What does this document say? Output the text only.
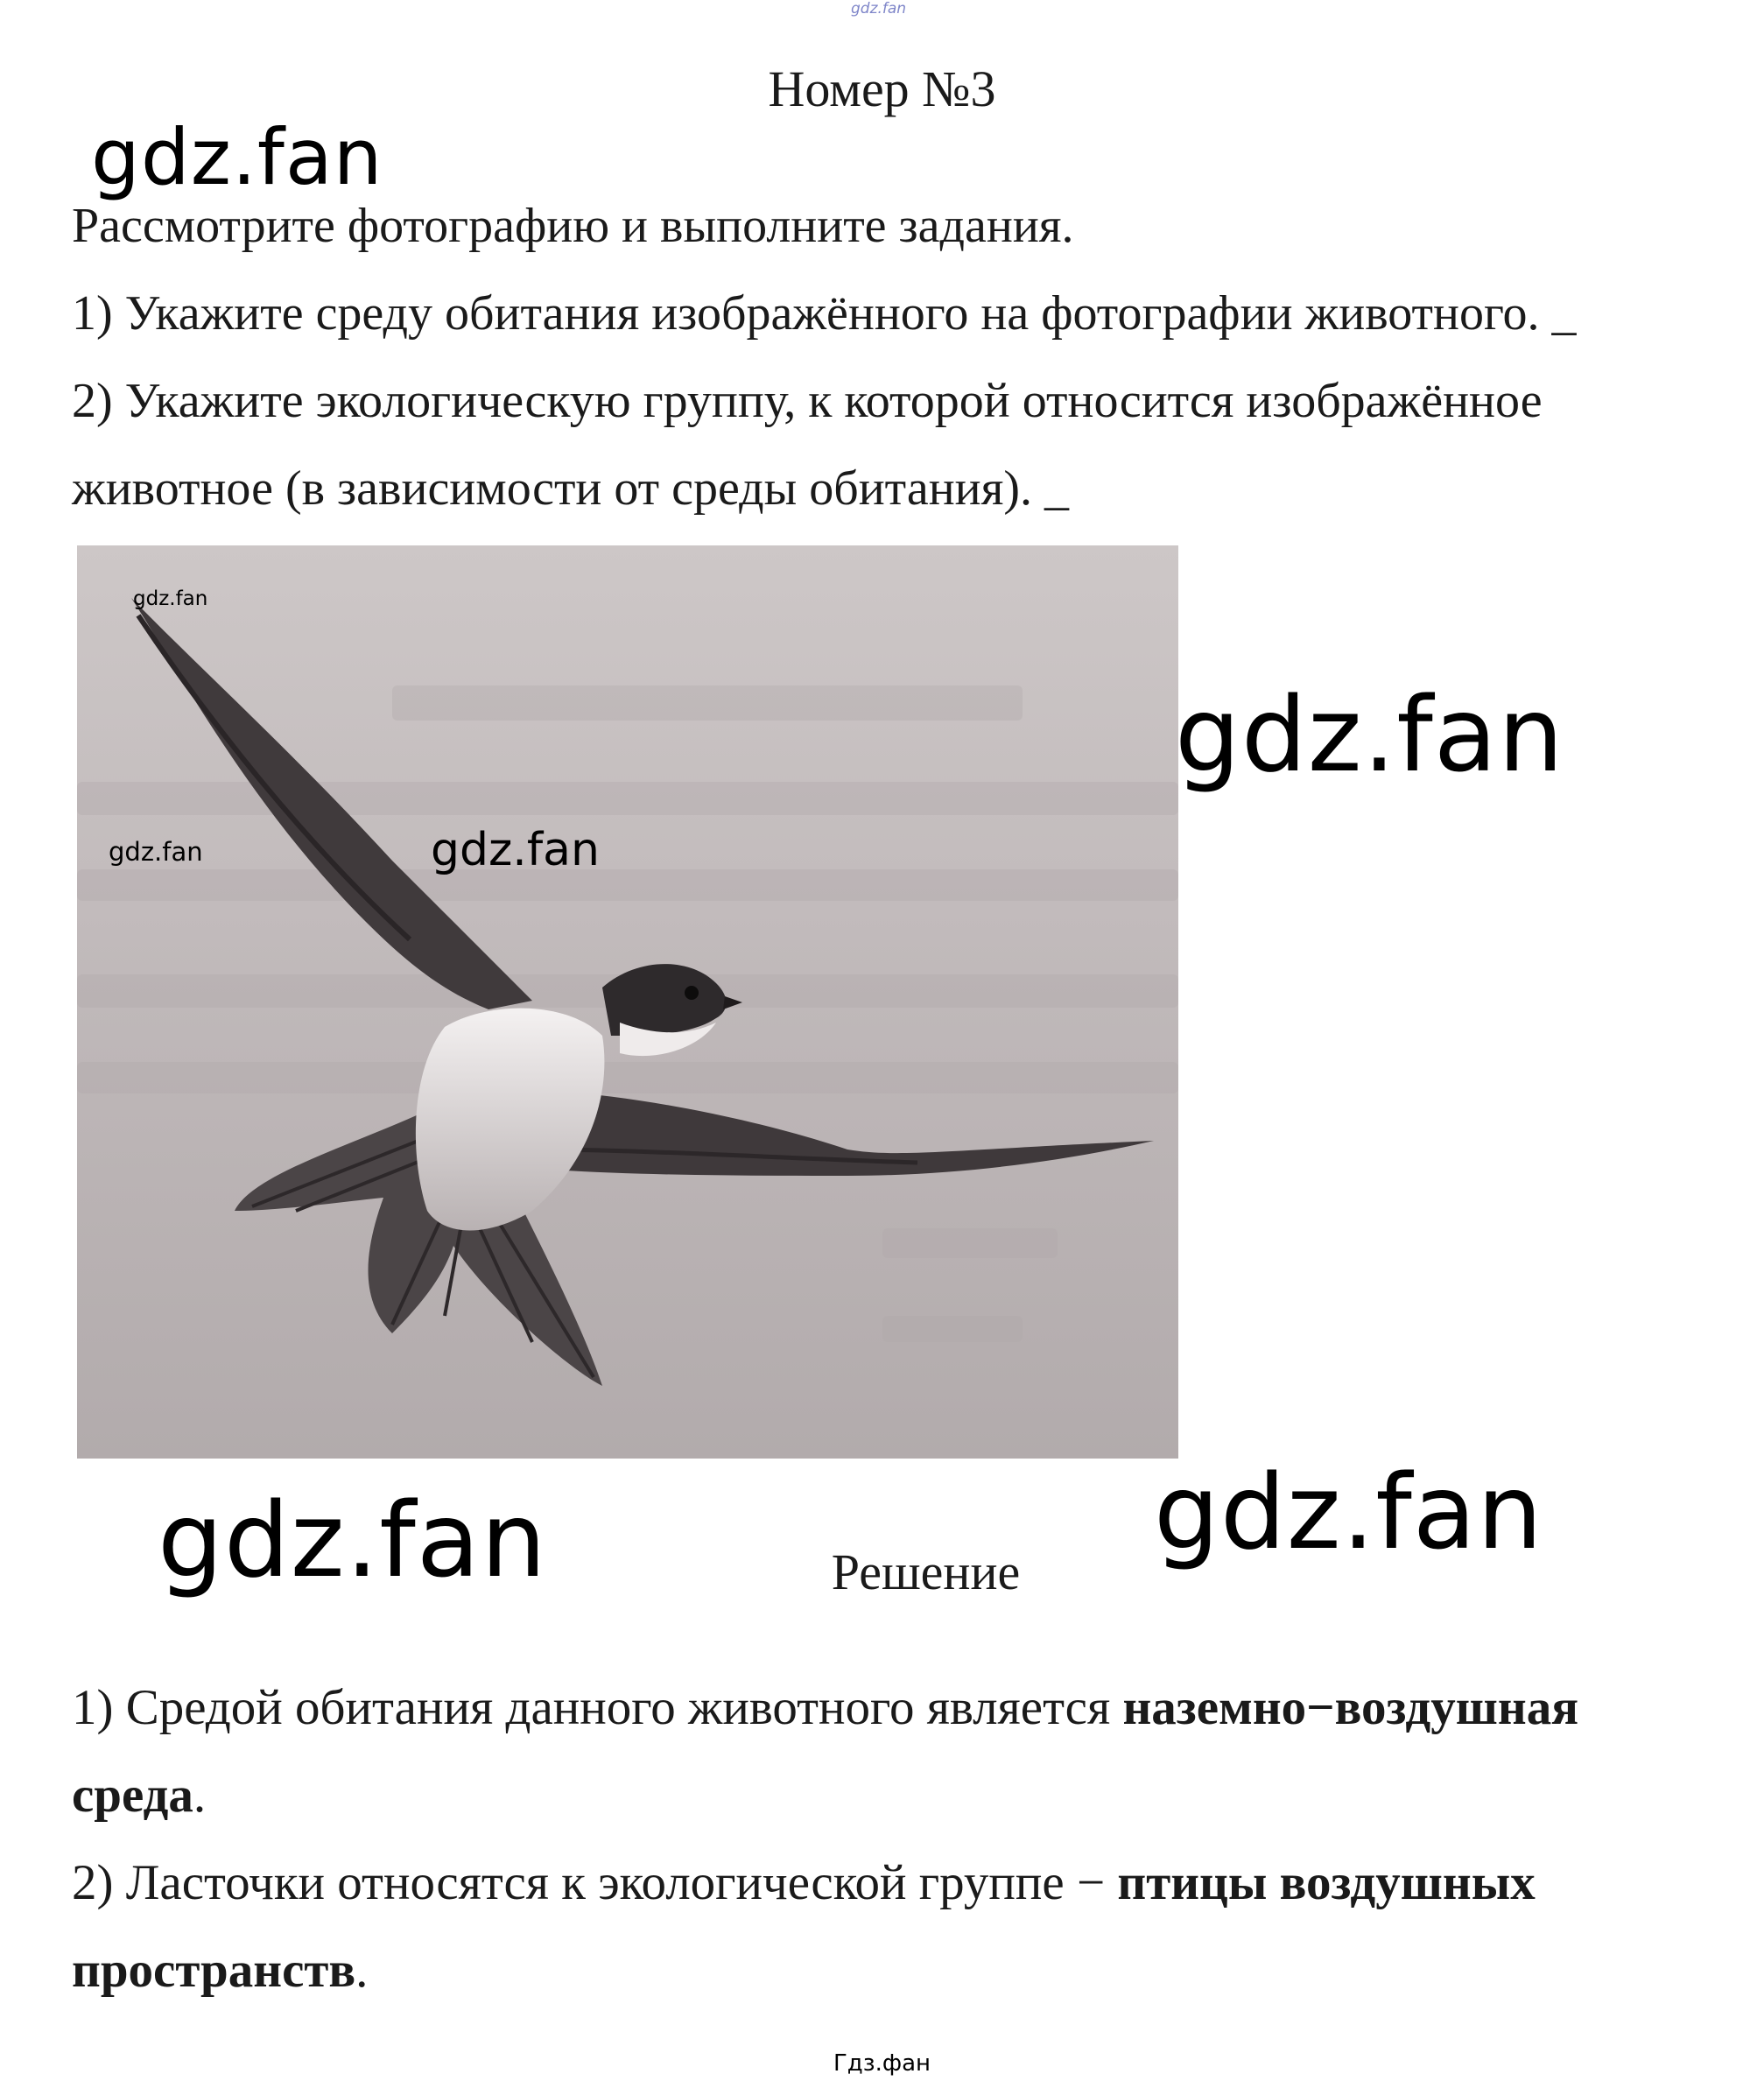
gdz.fan
Номер №3
gdz.fan
Рассмотрите фотографию и выполните задания.
1) Укажите среду обитания изображённого на фотографии животного. _
2) Укажите экологическую группу, к которой относится изображённое
животное (в зависимости от среды обитания). _
gdz.fan
gdz.fan	gdz.fan
gdz.fan
gdz.fan	gdz.fan
Решение
1) Средой обитания данного животного является наземно−воздушная
среда.
2) Ласточки относятся к экологической группе − птицы воздушных
пространств.
Гдз.фан
